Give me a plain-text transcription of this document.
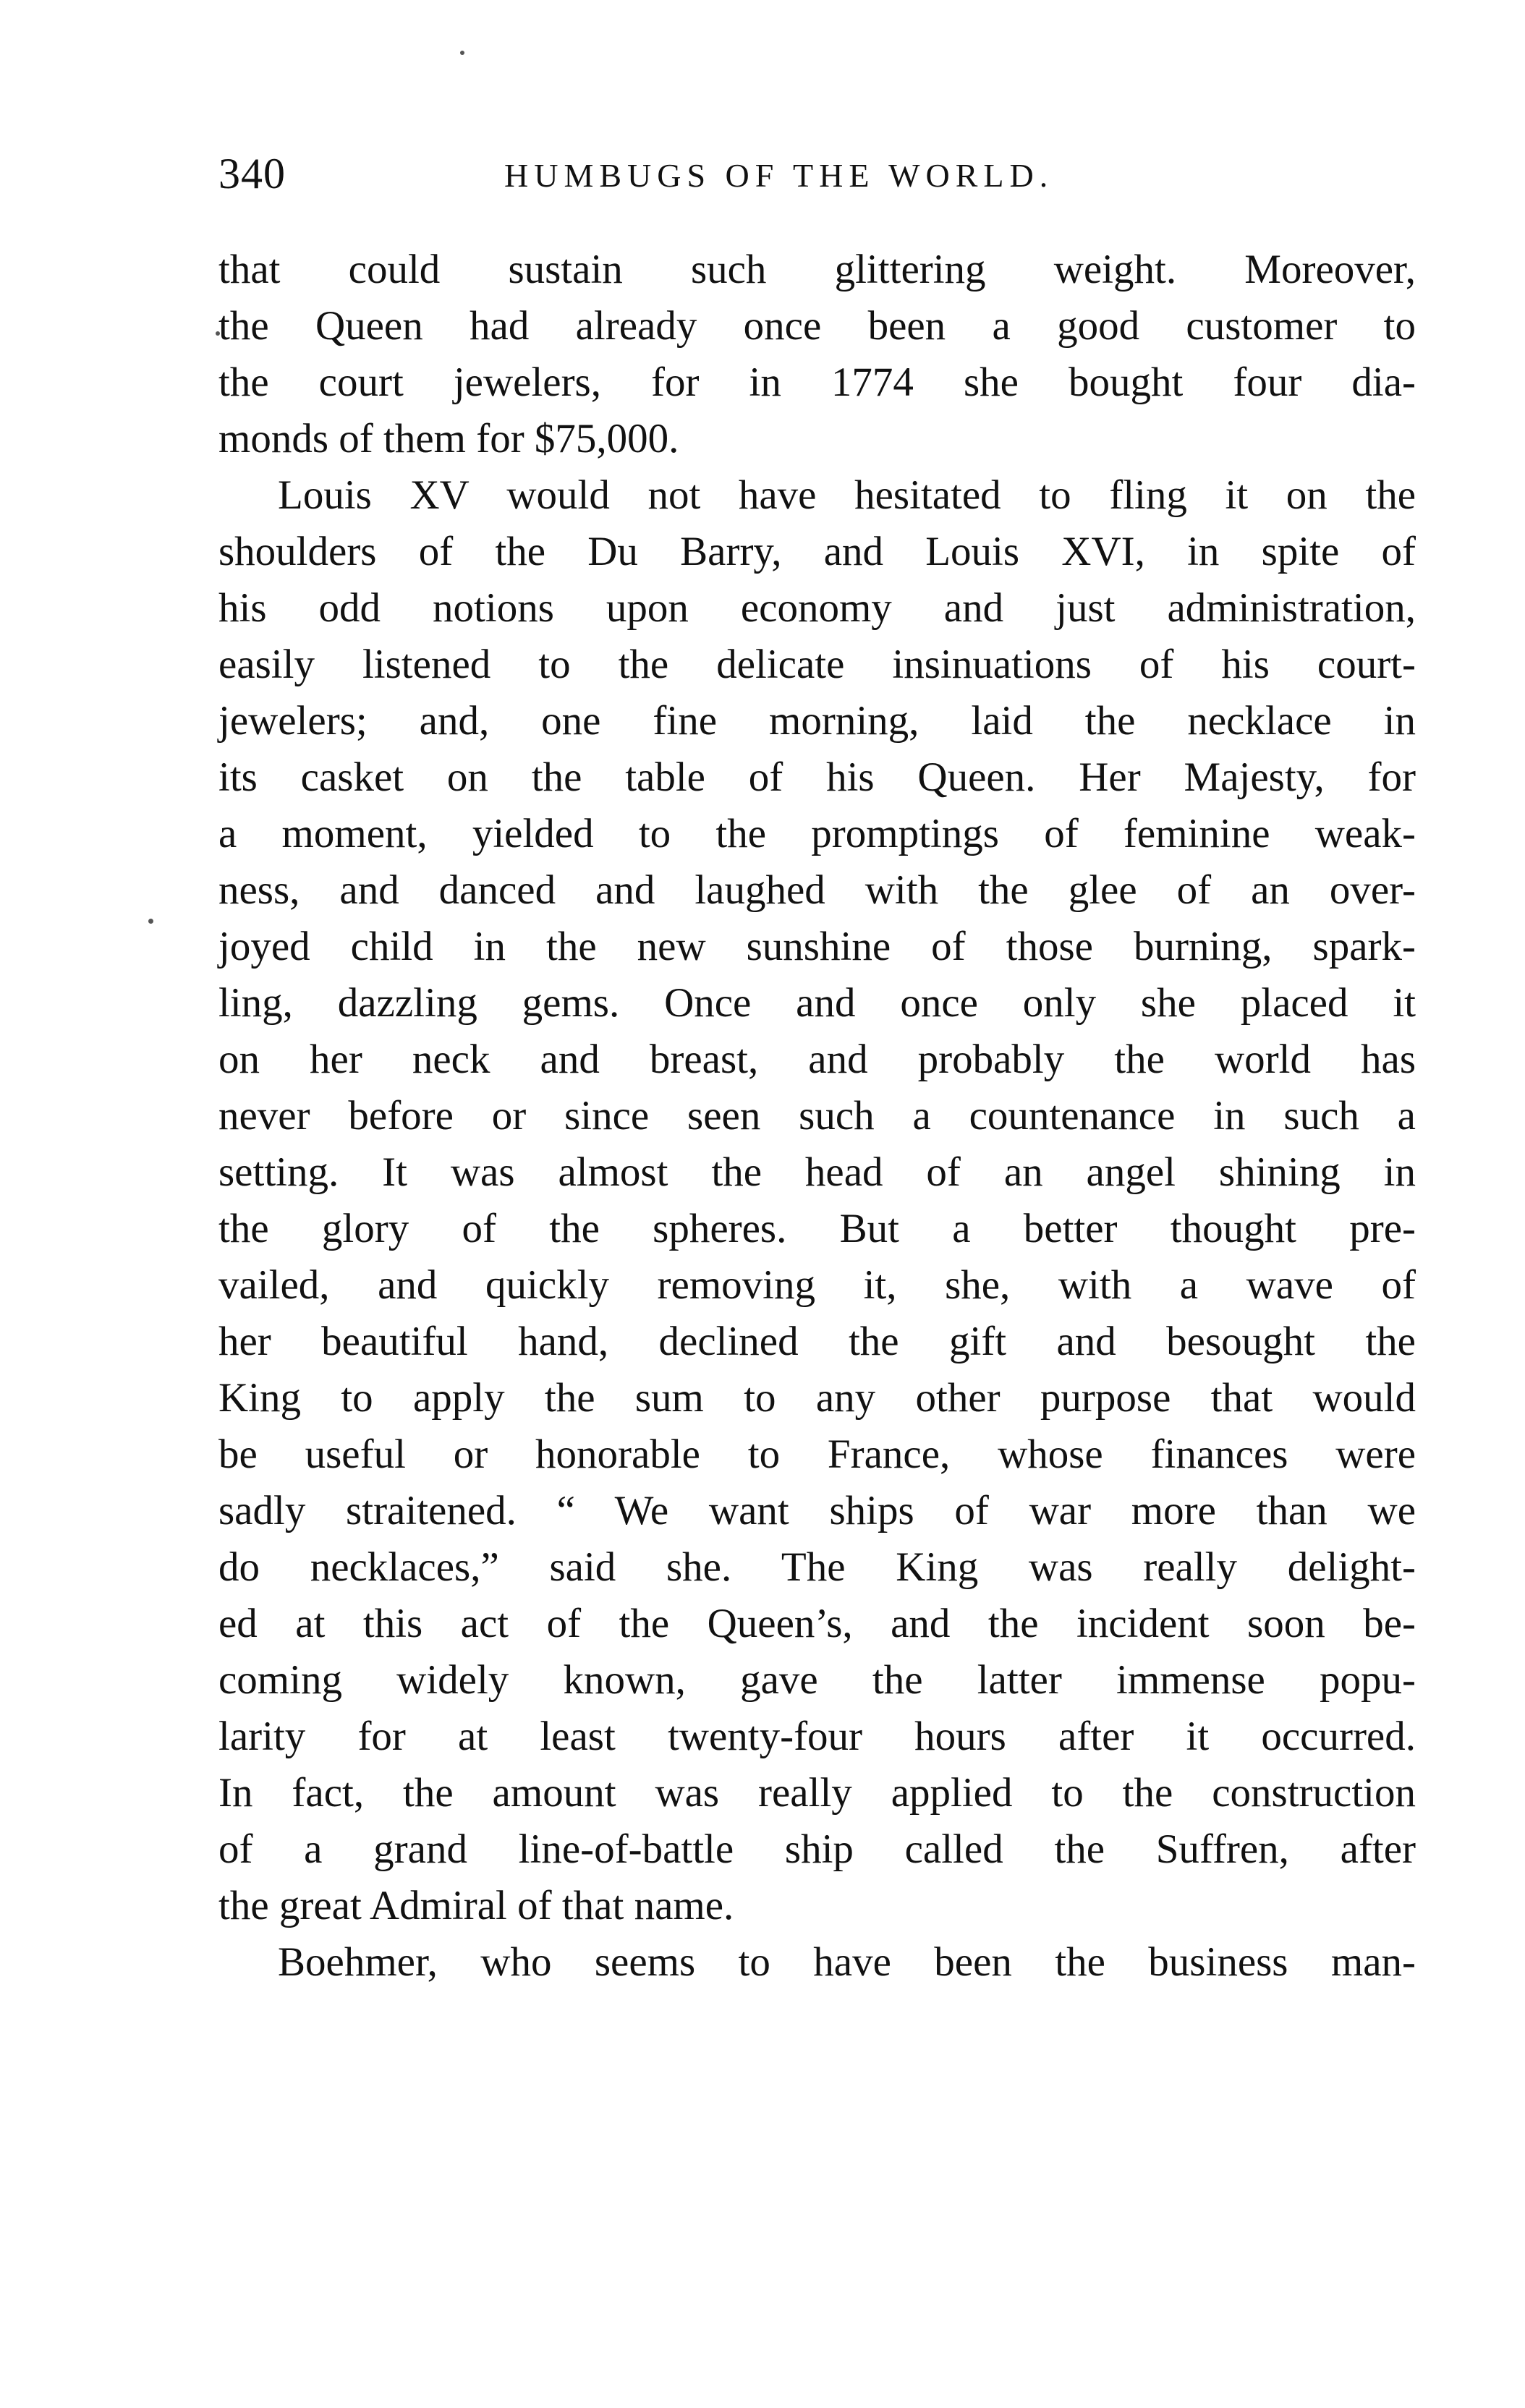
340	HUMBUGS OF THE WORLD.
that could sustain such glittering weight. Moreover,
the Queen had already once been a good customer to
the court jewelers, for in 1774 she bought four dia-
monds of them for $75,000.
Louis XV would not have hesitated to fling it on the
shoulders of the Du Barry, and Louis XVI, in spite of
his odd notions upon economy and just administration,
easily listened to the delicate insinuations of his court-
jewelers; and, one fine morning, laid the necklace in
its casket on the table of his Queen. Her Majesty, for
a moment, yielded to the promptings of feminine weak-
ness, and danced and laughed with the glee of an over-
joyed child in the new sunshine of those burning, spark-
ling, dazzling gems. Once and once only she placed it
on her neck and breast, and probably the world has
never before or since seen such a countenance in such a
setting. It was almost the head of an angel shining in
the glory of the spheres. But a better thought pre-
vailed, and quickly removing it, she, with a wave of
her beautiful hand, declined the gift and besought the
King to apply the sum to any other purpose that would
be useful or honorable to France, whose finances were
sadly straitened. “ We want ships of war more than we
do necklaces,” said she. The King was really delight-
ed at this act of the Queen’s, and the incident soon be-
coming widely known, gave the latter immense popu-
larity for at least twenty-four hours after it occurred.
In fact, the amount was really applied to the construction
of a grand line-of-battle ship called the Suffren, after
the great Admiral of that name.
Boehmer, who seems to have been the business man-
